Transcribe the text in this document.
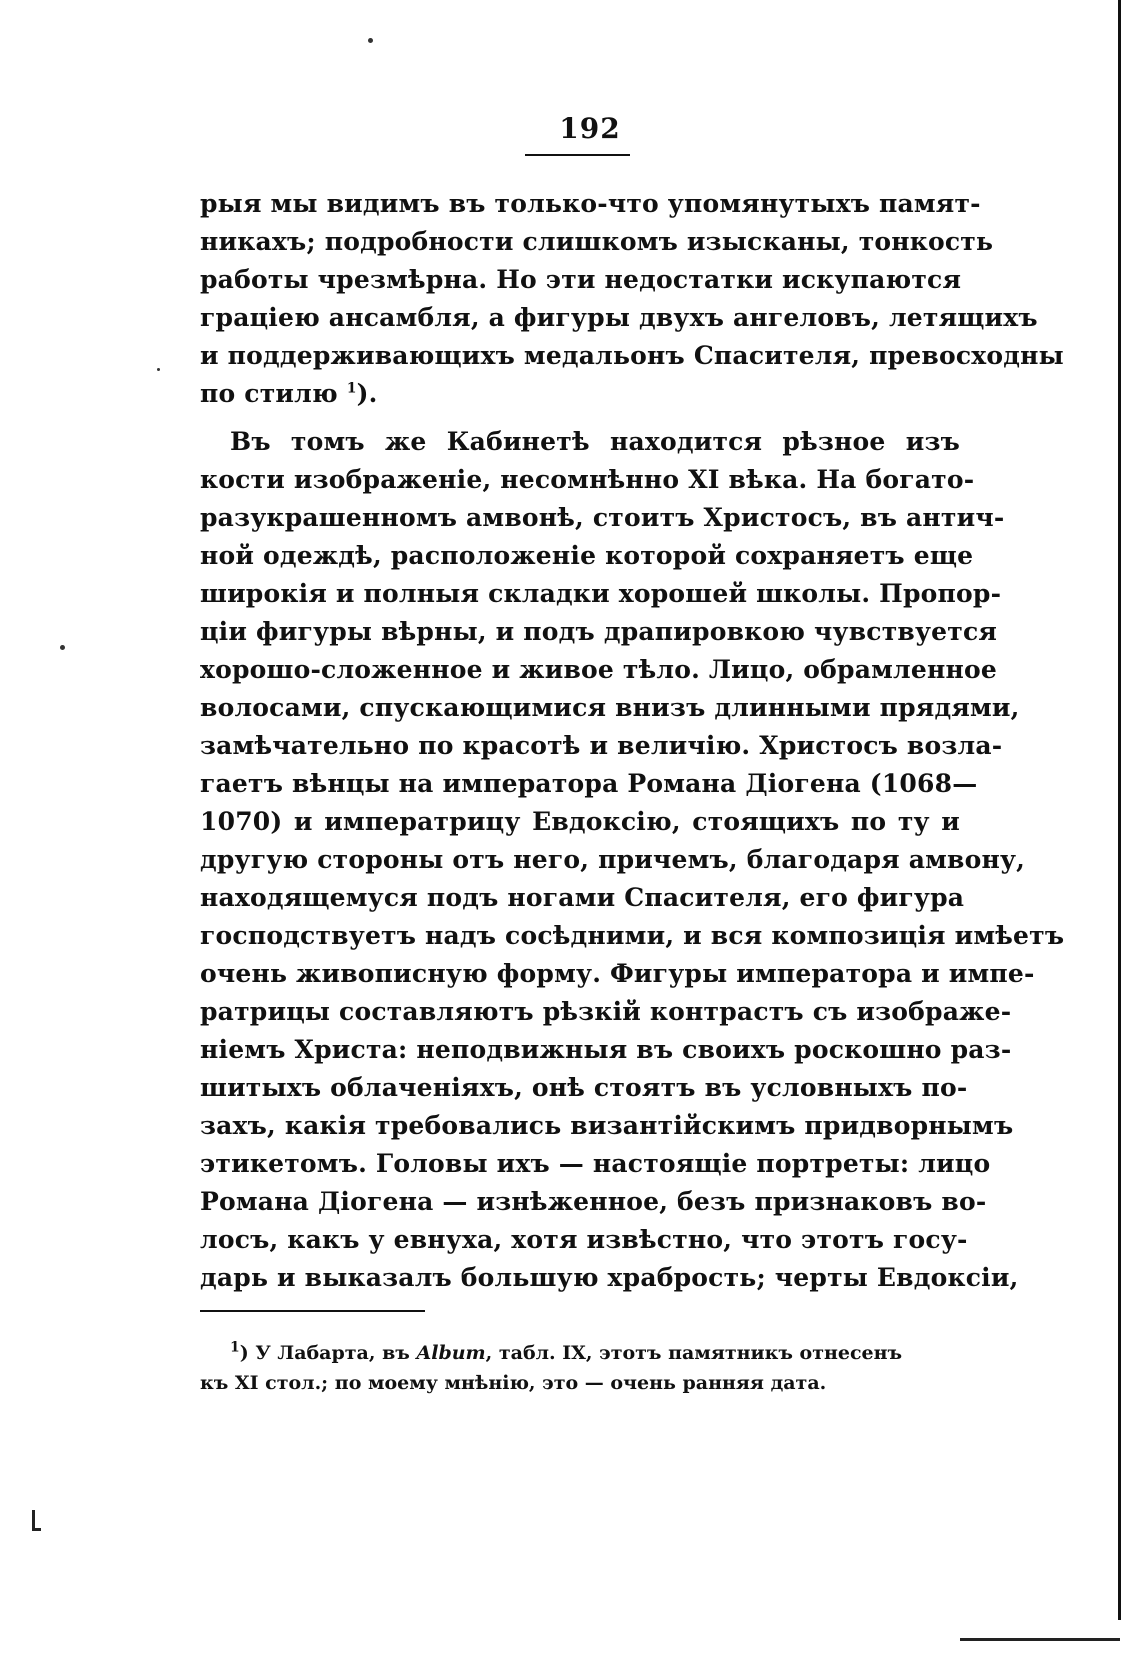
192
рыя мы видимъ въ только-что упомянутыхъ памят-
никахъ; подробности слишкомъ изысканы, тонкость
работы чрезмѣрна. Но эти недостатки искупаются
граціею ансамбля, а фигуры двухъ ангеловъ, летящихъ
и поддерживающихъ медальонъ Спасителя, превосходны
по стилю $^1$).
Въ томъ же Кабинетѣ находится рѣзное изъ
кости изображеніе, несомнѣнно XI вѣка. На богато-
разукрашенномъ амвонѣ, стоитъ Христосъ, въ антич-
ной одеждѣ, расположеніе которой сохраняетъ еще
широкія и полныя складки хорошей школы. Пропор-
ціи фигуры вѣрны, и подъ драпировкою чувствуется
хорошо-сложенное и живое тѣло. Лицо, обрамленное
волосами, спускающимися внизъ длинными прядями,
замѣчательно по красотѣ и величію. Христосъ возла-
гаетъ вѣнцы на императора Романа Діогена (1068—
1070) и императрицу Евдоксію, стоящихъ по ту и
другую стороны отъ него, причемъ, благодаря амвону,
находящемуся подъ ногами Спасителя, его фигура
господствуетъ надъ сосѣдними, и вся композиція имѣетъ
очень живописную форму. Фигуры императора и импе-
ратрицы составляютъ рѣзкій контрастъ съ изображе-
ніемъ Христа: неподвижныя въ своихъ роскошно раз-
шитыхъ облаченіяхъ, онѣ стоятъ въ условныхъ по-
захъ, какія требовались византійскимъ придворнымъ
этикетомъ. Головы ихъ — настоящіе портреты: лицо
Романа Діогена — изнѣженное, безъ признаковъ во-
лосъ, какъ у евнуха, хотя извѣстно, что этотъ госу-
дарь и выказалъ большую храбрость; черты Евдоксіи,
$^1$) У Лабарта, въ Album, табл. IX, этотъ памятникъ отнесенъ
къ XI стол.; по моему мнѣнію, это — очень ранняя дата.
